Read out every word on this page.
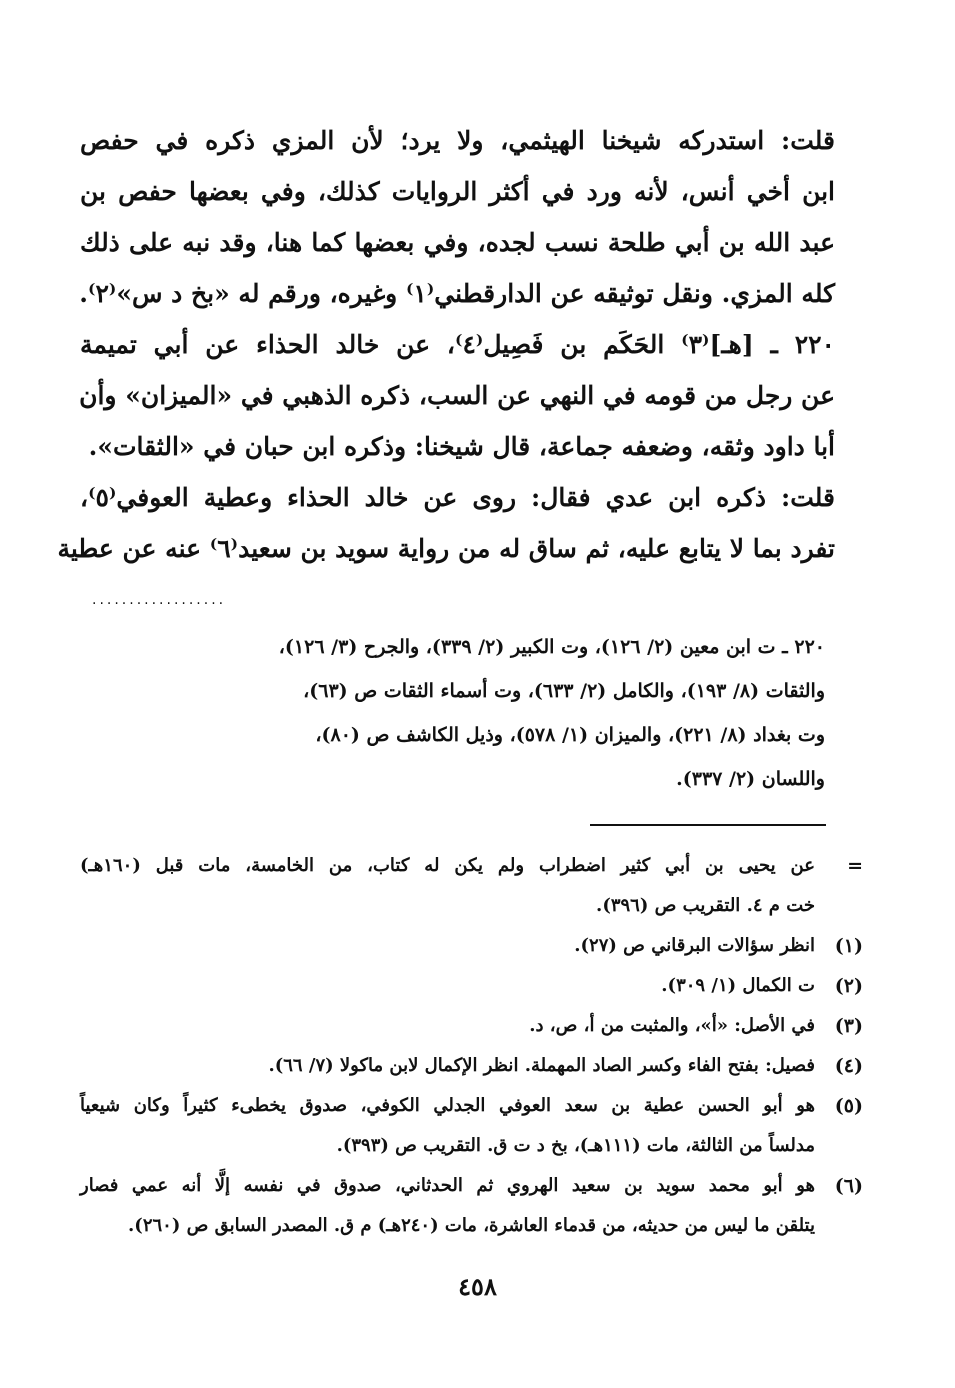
قلت: استدركه شيخنا الهيثمي، ولا يرد؛ لأن المزي ذكره في حفص
ابن أخي أنس، لأنه ورد في أكثر الروايات كذلك، وفي بعضها حفص بن
عبد الله بن أبي طلحة نسب لجده، وفي بعضها كما هنا، وقد نبه على ذلك
كله المزي. ونقل توثيقه عن الدارقطني⁽١⁾ وغيره، ورقم له «بخ د س»⁽٢⁾.
٢٢٠ ـ [هـ]⁽٣⁾ الحَكَم بن فَصِيل⁽٤⁾، عن خالد الحذاء عن أبي تميمة
عن رجل من قومه في النهي عن السب، ذكره الذهبي في «الميزان» وأن
أبا داود وثقه، وضعفه جماعة، قال شيخنا: وذكره ابن حبان في «الثقات».
قلت: ذكره ابن عدي فقال: روى عن خالد الحذاء وعطية العوفي⁽٥⁾،
تفرد بما لا يتابع عليه، ثم ساق له من رواية سويد بن سعيد⁽٦⁾ عنه عن عطية
..................
٢٢٠ ـ ت ابن معين (٢/ ١٢٦)، وت الكبير (٢/ ٣٣٩)، والجرح (٣/ ١٢٦)،
والثقات (٨/ ١٩٣)، والكامل (٢/ ٦٣٣)، وت أسماء الثقات ص (٦٣)،
وت بغداد (٨/ ٢٢١)، والميزان (١/ ٥٧٨)، وذيل الكاشف ص (٨٠)،
واللسان (٢/ ٣٣٧).
=
عن يحيى بن أبي كثير اضطراب ولم يكن له كتاب، من الخامسة، مات قبل (١٦٠هـ)
خت م ٤. التقريب ص (٣٩٦).
(١)
انظر سؤالات البرقاني ص (٢٧).
(٢)
ت الكمال (١/ ٣٠٩).
(٣)
في الأصل: «أ»، والمثبت من أ، ص، د.
(٤)
فصيل: بفتح الفاء وكسر الصاد المهملة. انظر الإكمال لابن ماكولا (٧/ ٦٦).
(٥)
هو أبو الحسن عطية بن سعد العوفي الجدلي الكوفي، صدوق يخطىء كثيراً وكان شيعياً
مدلساً من الثالثة، مات (١١١هـ)، بخ د ت ق. التقريب ص (٣٩٣).
(٦)
هو أبو محمد سويد بن سعيد الهروي ثم الحدثاني، صدوق في نفسه إلَّا أنه عمي فصار
يتلقن ما ليس من حديثه، من قدماء العاشرة، مات (٢٤٠هـ) م ق. المصدر السابق ص (٢٦٠).
٤٥٨
